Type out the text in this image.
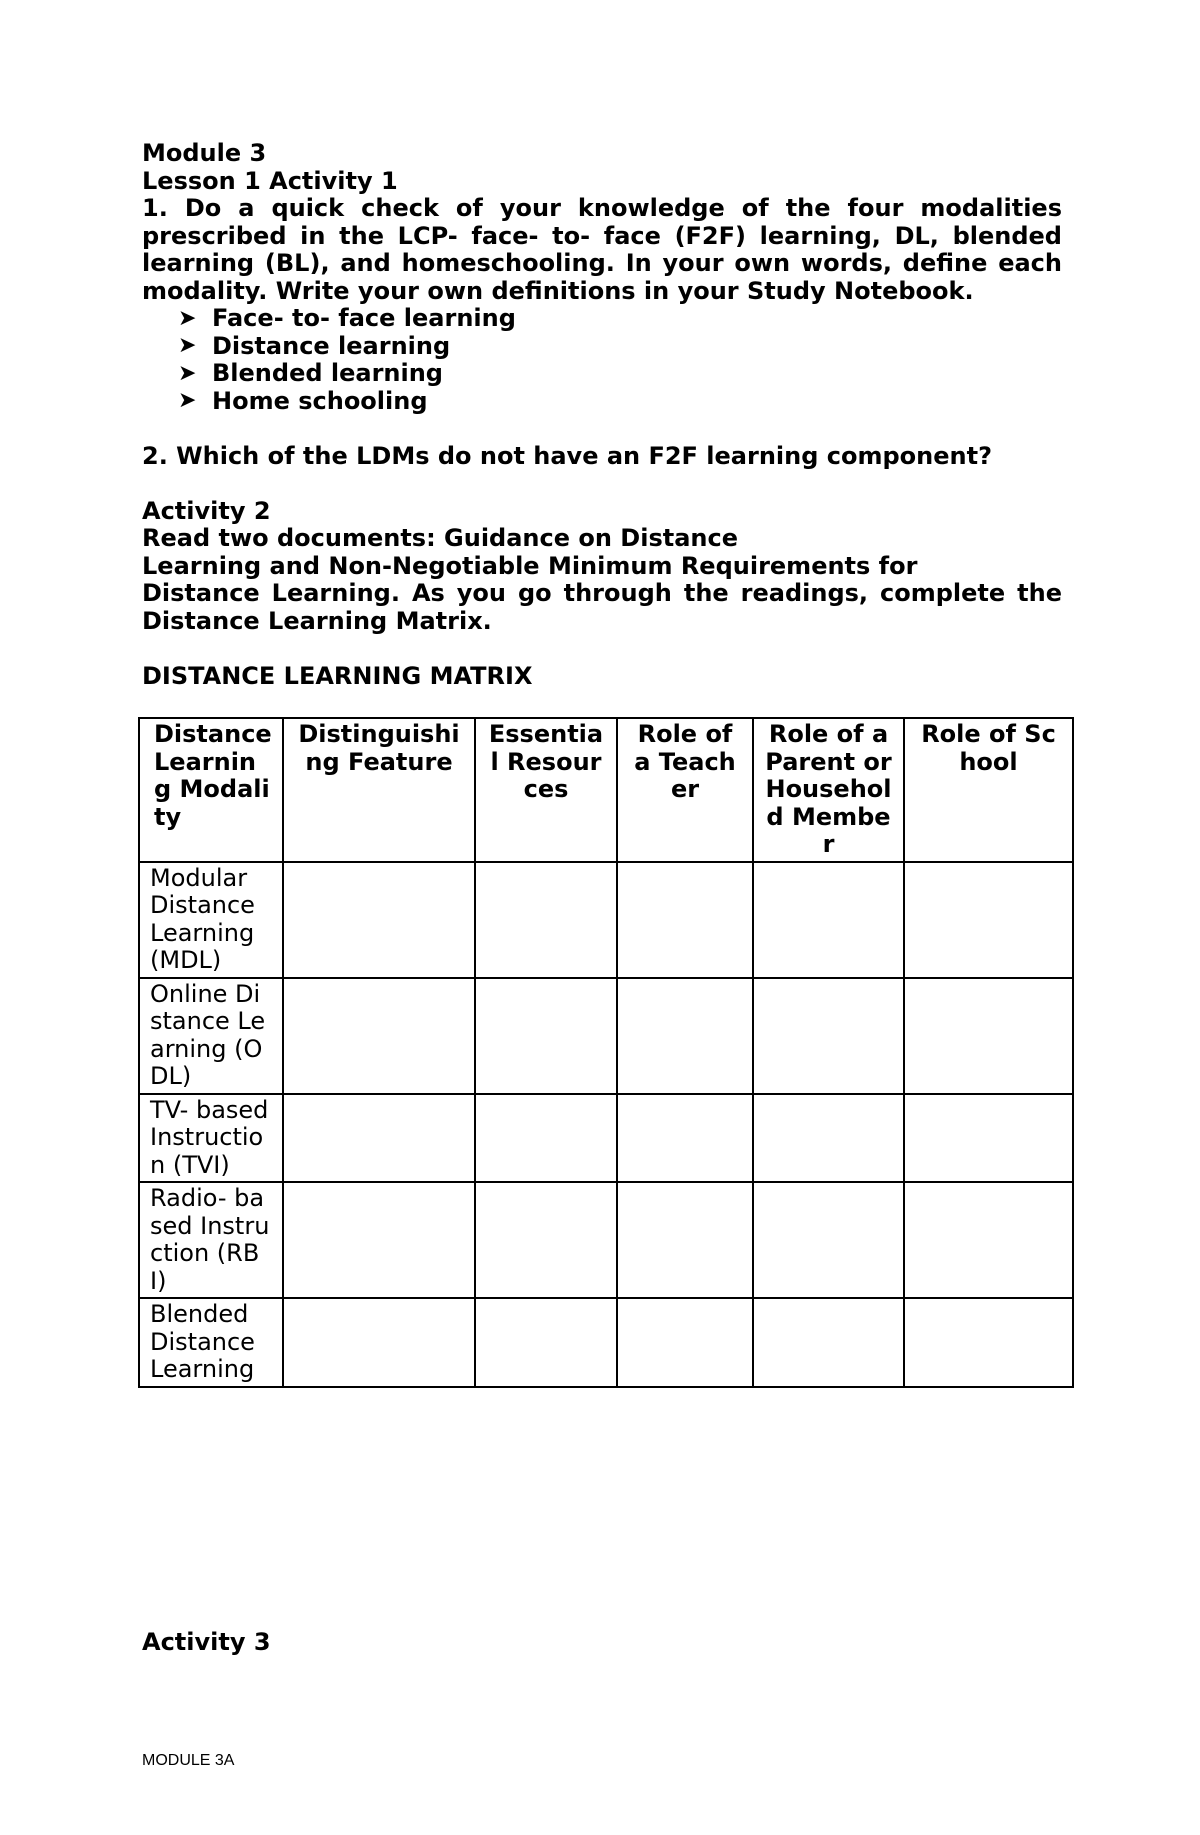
Module 3
Lesson 1 Activity 1
1. Do a quick check of your knowledge of the four modalities
prescribed in the LCP- face- to- face (F2F) learning, DL, blended
learning (BL), and homeschooling. In your own words, define each
modality. Write your own definitions in your Study Notebook.
➤ Face- to- face learning
➤ Distance learning
➤ Blended learning
➤ Home schooling
2. Which of the LDMs do not have an F2F learning component?
Activity 2
Read two documents: Guidance on Distance
Learning and Non-Negotiable Minimum Requirements for
Distance Learning. As you go through the readings, complete the
Distance Learning Matrix.
DISTANCE LEARNING MATRIX
Distance Learning Modality	Distinguishing Feature	Essential Resources	Role of a Teacher	Role of a Parent or Household Member	Role of School
Modular Distance Learning (MDL)					
Online Distance Learning (ODL)					
TV- based Instruction (TVI)					
Radio- based Instruction (RBI)					
Blended Distance Learning					
Activity 3
MODULE 3A
